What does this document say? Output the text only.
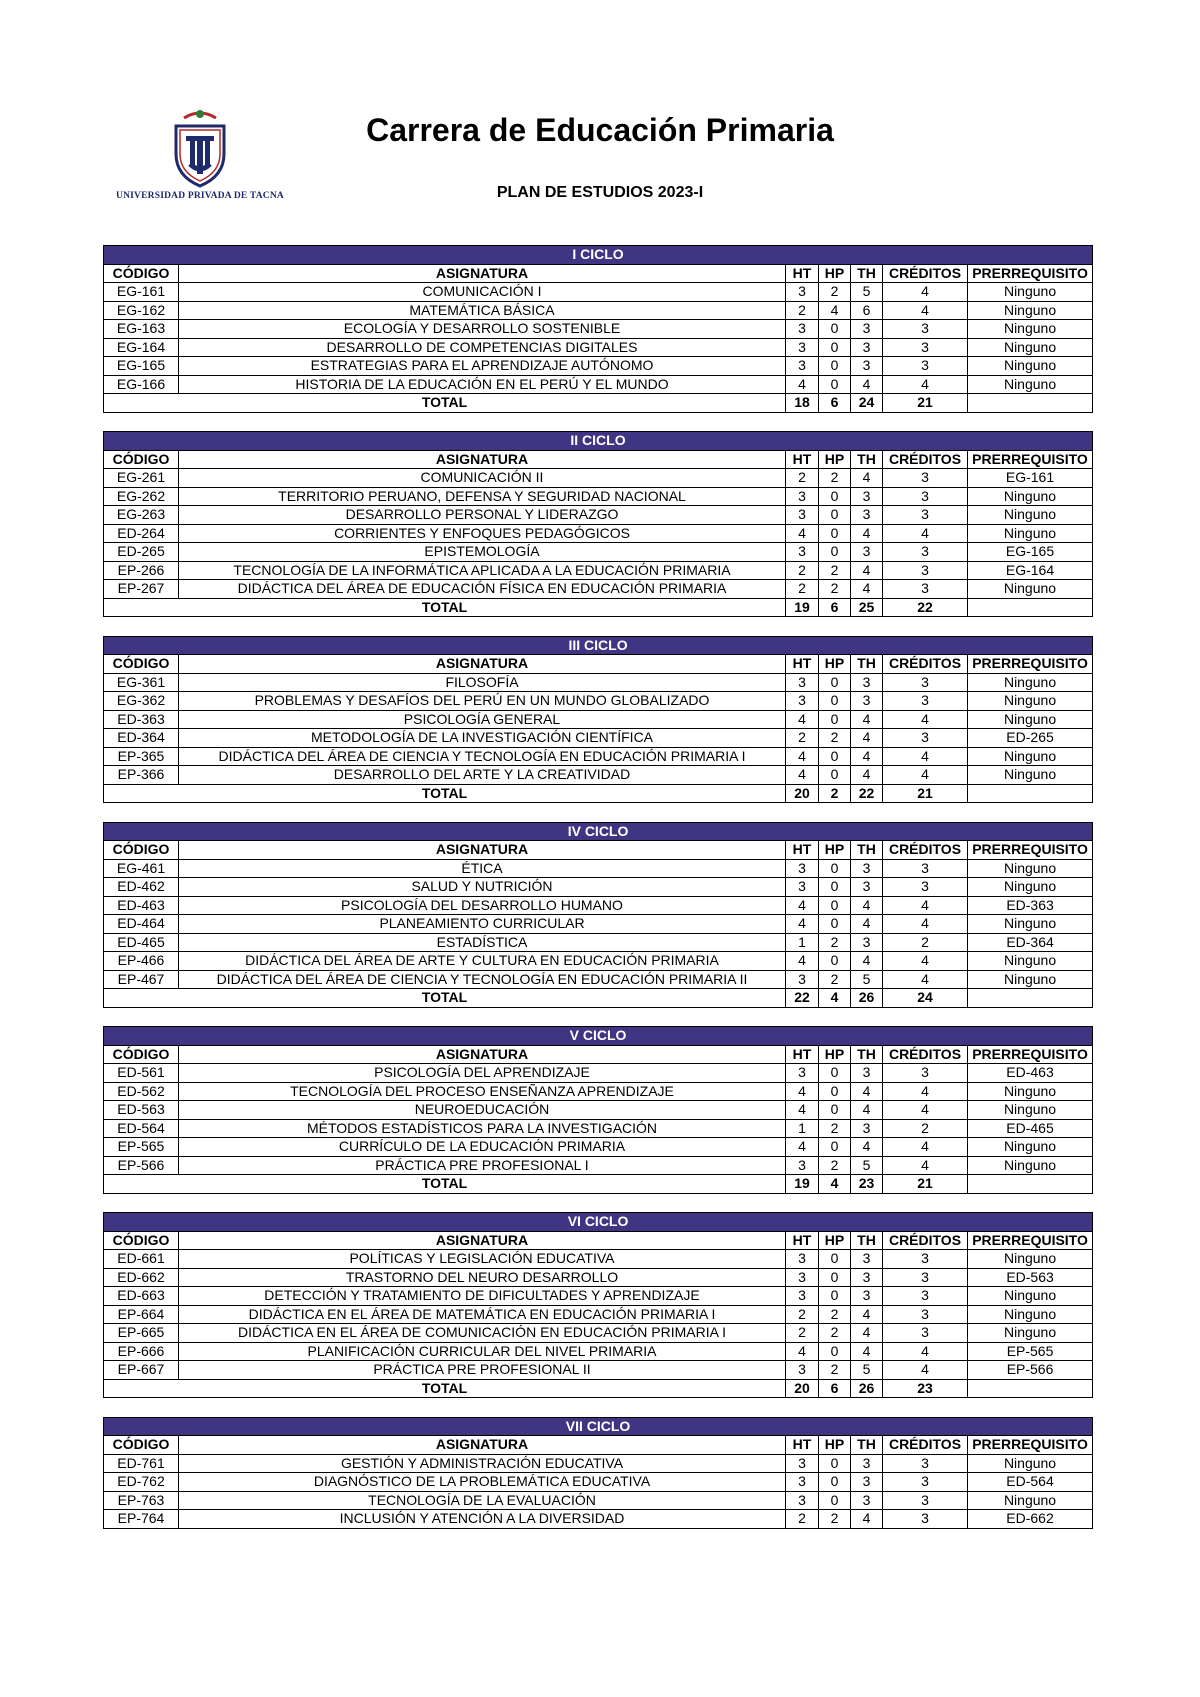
UNIVERSIDAD PRIVADA DE TACNA
Carrera de Educación Primaria
PLAN DE ESTUDIOS 2023-I
I CICLO						
CÓDIGO	ASIGNATURA	HT	HP	TH	CRÉDITOS	PRERREQUISITO
EG-161	COMUNICACIÓN I	3	2	5	4	Ninguno
EG-162	MATEMÁTICA BÁSICA	2	4	6	4	Ninguno
EG-163	ECOLOGÍA Y DESARROLLO SOSTENIBLE	3	0	3	3	Ninguno
EG-164	DESARROLLO DE COMPETENCIAS DIGITALES	3	0	3	3	Ninguno
EG-165	ESTRATEGIAS PARA EL APRENDIZAJE AUTÓNOMO	3	0	3	3	Ninguno
EG-166	HISTORIA DE LA EDUCACIÓN EN EL PERÚ Y EL MUNDO	4	0	4	4	Ninguno
TOTAL		18	6	24	21	
II CICLO						
CÓDIGO	ASIGNATURA	HT	HP	TH	CRÉDITOS	PRERREQUISITO
EG-261	COMUNICACIÓN II	2	2	4	3	EG-161
EG-262	TERRITORIO PERUANO, DEFENSA Y SEGURIDAD NACIONAL	3	0	3	3	Ninguno
EG-263	DESARROLLO PERSONAL Y LIDERAZGO	3	0	3	3	Ninguno
ED-264	CORRIENTES Y ENFOQUES PEDAGÓGICOS	4	0	4	4	Ninguno
ED-265	EPISTEMOLOGÍA	3	0	3	3	EG-165
EP-266	TECNOLOGÍA DE LA INFORMÁTICA APLICADA A LA EDUCACIÓN PRIMARIA	2	2	4	3	EG-164
EP-267	DIDÁCTICA DEL ÁREA DE EDUCACIÓN FÍSICA EN EDUCACIÓN PRIMARIA	2	2	4	3	Ninguno
TOTAL		19	6	25	22	
III CICLO						
CÓDIGO	ASIGNATURA	HT	HP	TH	CRÉDITOS	PRERREQUISITO
EG-361	FILOSOFÍA	3	0	3	3	Ninguno
EG-362	PROBLEMAS Y DESAFÍOS DEL PERÚ EN UN MUNDO GLOBALIZADO	3	0	3	3	Ninguno
ED-363	PSICOLOGÍA GENERAL	4	0	4	4	Ninguno
ED-364	METODOLOGÍA DE LA INVESTIGACIÓN CIENTÍFICA	2	2	4	3	ED-265
EP-365	DIDÁCTICA DEL ÁREA DE CIENCIA Y TECNOLOGÍA EN EDUCACIÓN PRIMARIA I	4	0	4	4	Ninguno
EP-366	DESARROLLO DEL ARTE Y LA CREATIVIDAD	4	0	4	4	Ninguno
TOTAL		20	2	22	21	
IV CICLO						
CÓDIGO	ASIGNATURA	HT	HP	TH	CRÉDITOS	PRERREQUISITO
EG-461	ÉTICA	3	0	3	3	Ninguno
ED-462	SALUD Y NUTRICIÓN	3	0	3	3	Ninguno
ED-463	PSICOLOGÍA DEL DESARROLLO HUMANO	4	0	4	4	ED-363
ED-464	PLANEAMIENTO CURRICULAR	4	0	4	4	Ninguno
ED-465	ESTADÍSTICA	1	2	3	2	ED-364
EP-466	DIDÁCTICA DEL ÁREA DE ARTE Y CULTURA EN EDUCACIÓN PRIMARIA	4	0	4	4	Ninguno
EP-467	DIDÁCTICA DEL ÁREA DE CIENCIA Y TECNOLOGÍA EN EDUCACIÓN PRIMARIA II	3	2	5	4	Ninguno
TOTAL		22	4	26	24	
V CICLO						
CÓDIGO	ASIGNATURA	HT	HP	TH	CRÉDITOS	PRERREQUISITO
ED-561	PSICOLOGÍA DEL APRENDIZAJE	3	0	3	3	ED-463
ED-562	TECNOLOGÍA DEL PROCESO ENSEÑANZA APRENDIZAJE	4	0	4	4	Ninguno
ED-563	NEUROEDUCACIÓN	4	0	4	4	Ninguno
ED-564	MÉTODOS ESTADÍSTICOS PARA LA INVESTIGACIÓN	1	2	3	2	ED-465
EP-565	CURRÍCULO DE LA EDUCACIÓN PRIMARIA	4	0	4	4	Ninguno
EP-566	PRÁCTICA PRE PROFESIONAL I	3	2	5	4	Ninguno
TOTAL		19	4	23	21	
VI CICLO						
CÓDIGO	ASIGNATURA	HT	HP	TH	CRÉDITOS	PRERREQUISITO
ED-661	POLÍTICAS Y LEGISLACIÓN EDUCATIVA	3	0	3	3	Ninguno
ED-662	TRASTORNO DEL NEURO DESARROLLO	3	0	3	3	ED-563
ED-663	DETECCIÓN Y TRATAMIENTO DE DIFICULTADES Y APRENDIZAJE	3	0	3	3	Ninguno
EP-664	DIDÁCTICA EN EL ÁREA DE MATEMÁTICA EN EDUCACIÓN PRIMARIA I	2	2	4	3	Ninguno
EP-665	DIDÁCTICA EN EL ÁREA DE COMUNICACIÓN EN EDUCACIÓN PRIMARIA I	2	2	4	3	Ninguno
EP-666	PLANIFICACIÓN CURRICULAR DEL NIVEL PRIMARIA	4	0	4	4	EP-565
EP-667	PRÁCTICA PRE PROFESIONAL II	3	2	5	4	EP-566
TOTAL		20	6	26	23	
VII CICLO						
CÓDIGO	ASIGNATURA	HT	HP	TH	CRÉDITOS	PRERREQUISITO
ED-761	GESTIÓN Y ADMINISTRACIÓN EDUCATIVA	3	0	3	3	Ninguno
ED-762	DIAGNÓSTICO DE LA PROBLEMÁTICA EDUCATIVA	3	0	3	3	ED-564
EP-763	TECNOLOGÍA DE LA EVALUACIÓN	3	0	3	3	Ninguno
EP-764	INCLUSIÓN Y ATENCIÓN A LA DIVERSIDAD	2	2	4	3	ED-662
